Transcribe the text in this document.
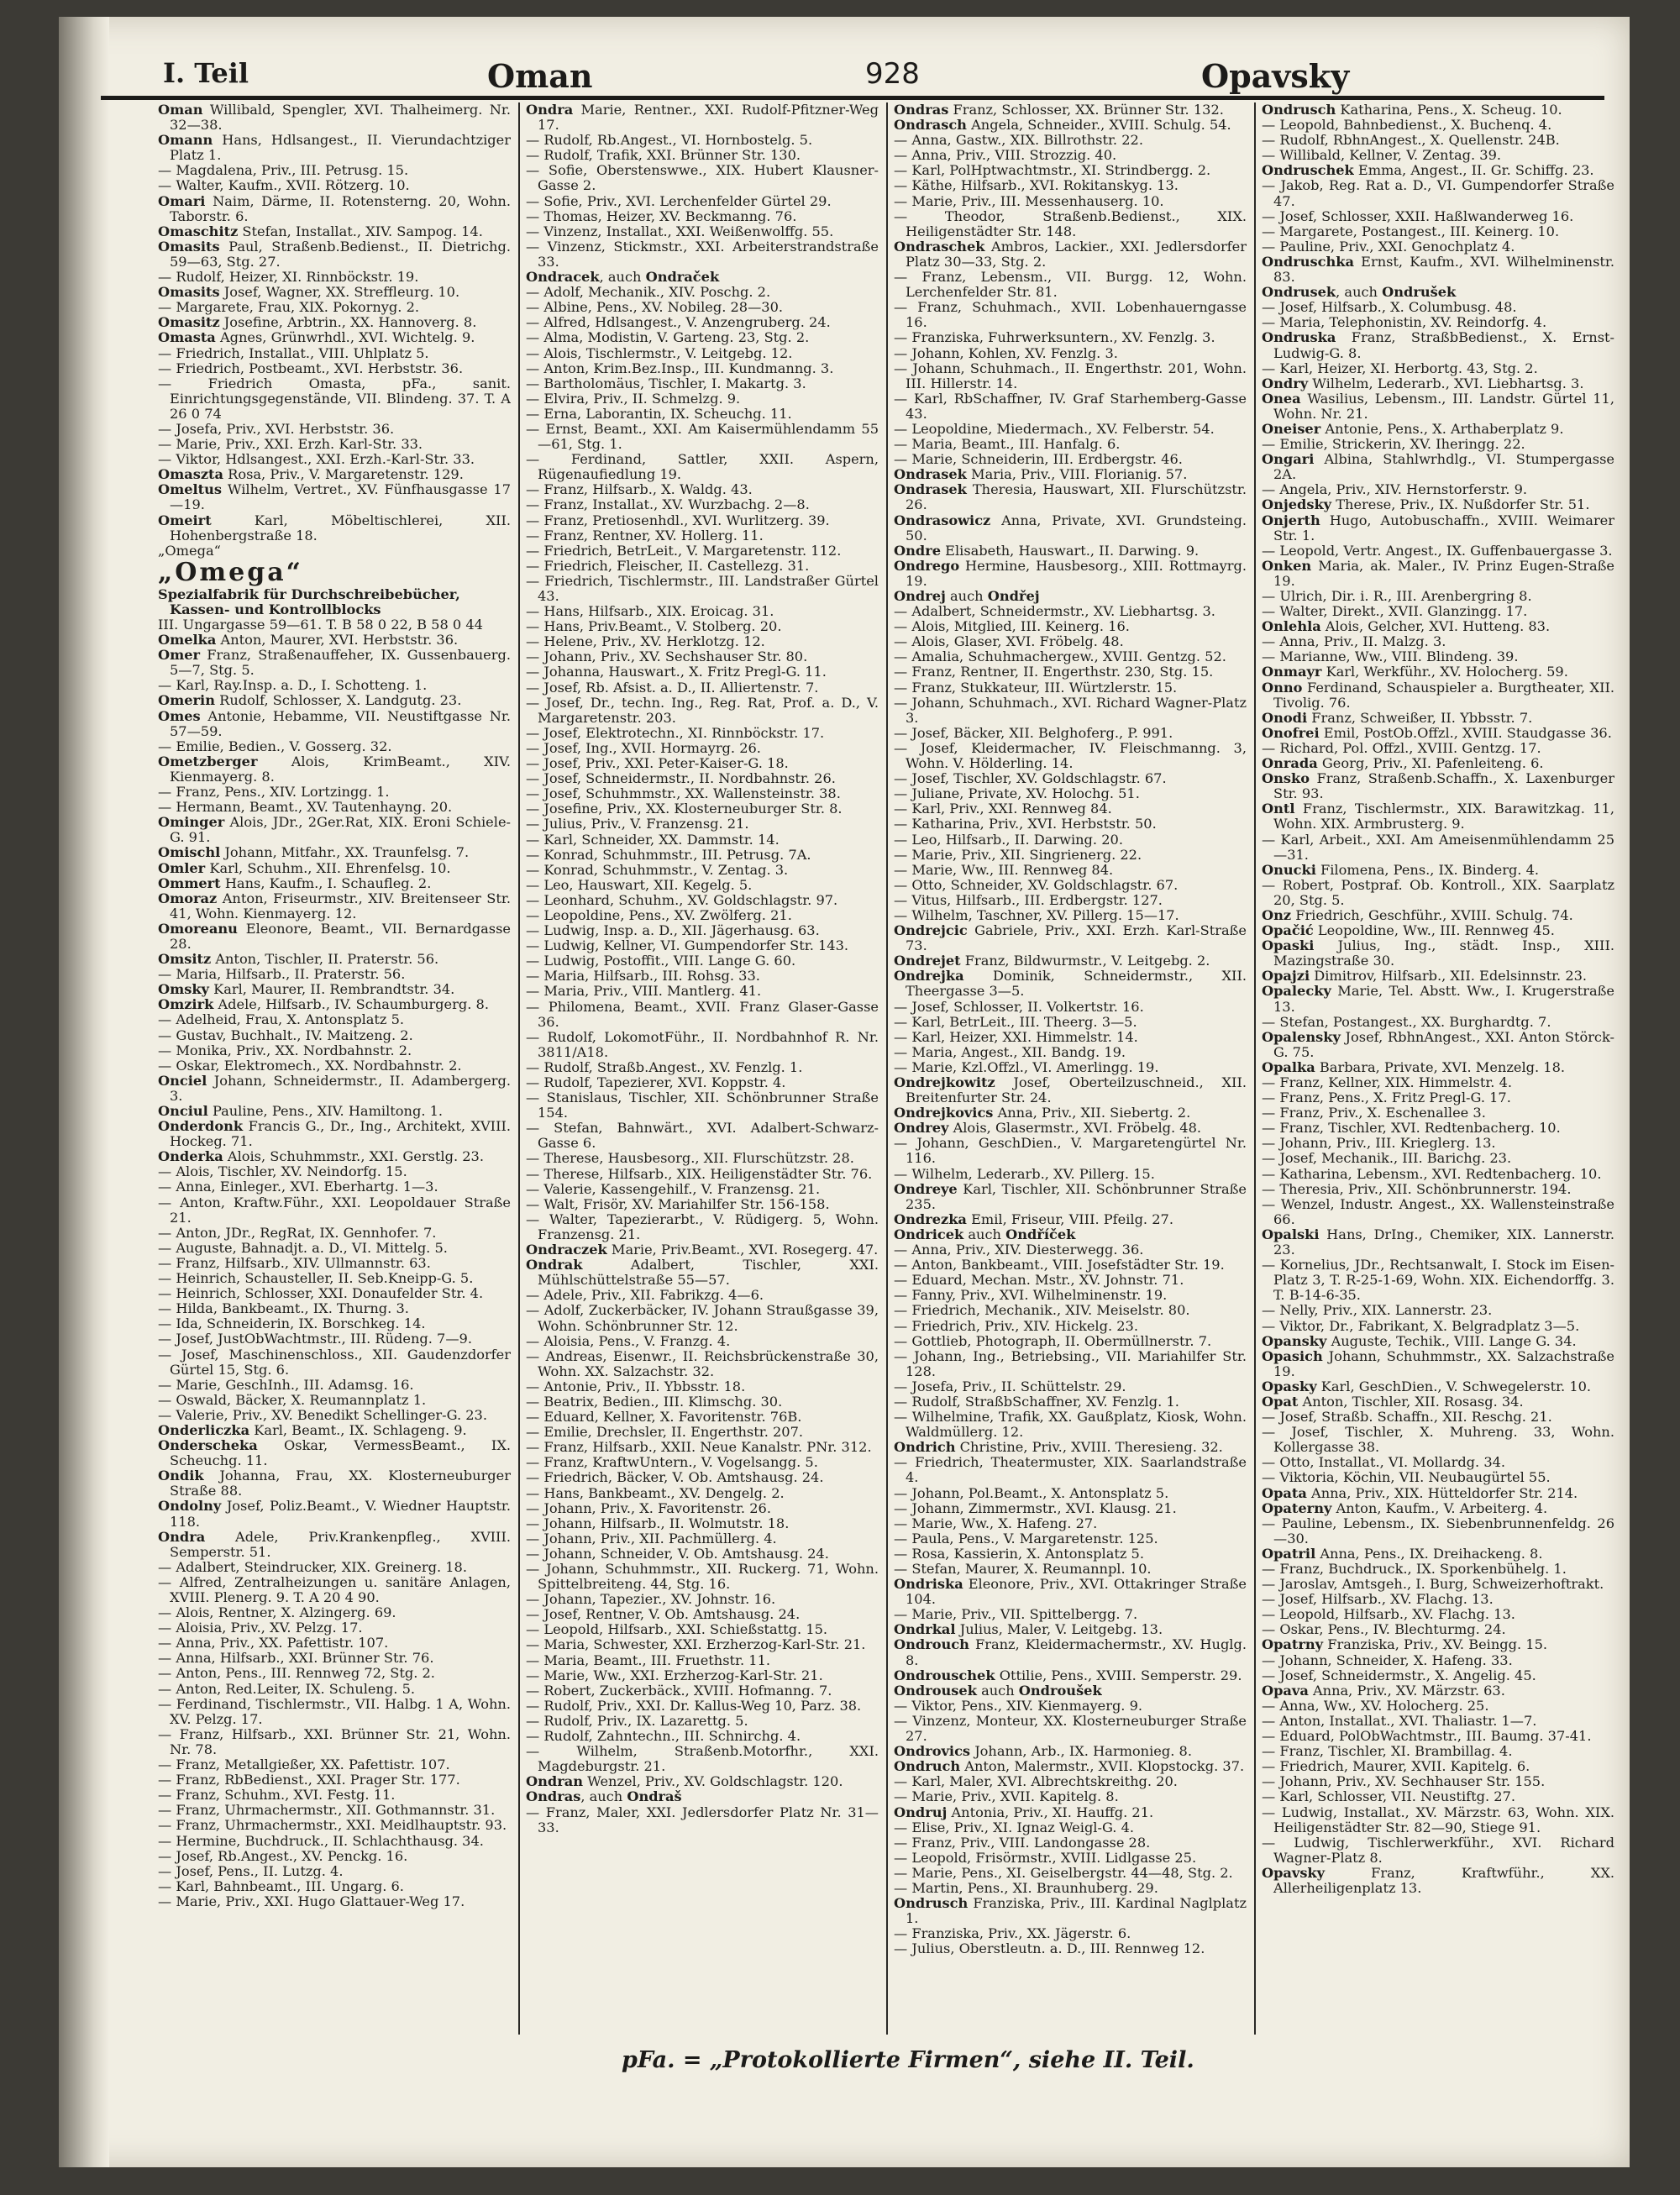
I. Teil	Oman	928	Opavsky

Oman Willibald, Spengler, XVI. Thalheimerg. Nr. 32—38.

Omann Hans, Hdlsangest., II. Vierundachtziger Platz 1.

— Magdalena, Priv., III. Petrusg. 15.

— Walter, Kaufm., XVII. Rötzerg. 10.

Omari Naim, Därme, II. Rotensterng. 20, Wohn. Taborstr. 6.

Omaschitz Stefan, Installat., XIV. Sampog. 14.

Omasits Paul, Straßenb.Bedienst., II. Dietrichg. 59—63, Stg. 27.

— Rudolf, Heizer, XI. Rinnböckstr. 19.

Omasits Josef, Wagner, XX. Streffleurg. 10.

— Margarete, Frau, XIX. Pokornyg. 2.

Omasitz Josefine, Arbtrin., XX. Hannoverg. 8.

Omasta Agnes, Grünwrhdl., XVI. Wichtelg. 9.

— Friedrich, Installat., VIII. Uhlplatz 5.

— Friedrich, Postbeamt., XVI. Herbststr. 36.

— Friedrich Omasta, pFa., sanit. Einrichtungsgegenstände, VII. Blindeng. 37. T. A 26 0 74

— Josefa, Priv., XVI. Herbststr. 36.

— Marie, Priv., XXI. Erzh. Karl-Str. 33.

— Viktor, Hdlsangest., XXI. Erzh.-Karl-Str. 33.

Omaszta Rosa, Priv., V. Margaretenstr. 129.

Omeltus Wilhelm, Vertret., XV. Fünfhausgasse 17—19.

Omeirt Karl, Möbeltischlerei, XII. Hohenbergstraße 18.

„Omega“

„Omega“
Spezialfabrik für Durchschreibebücher, Kassen- und Kontrollblocks
III. Ungargasse 59—61. T. B 58 0 22, B 58 0 44

Omelka Anton, Maurer, XVI. Herbststr. 36.

Omer Franz, Straßenauffeher, IX. Gussenbauerg. 5—7, Stg. 5.

— Karl, Ray.Insp. a. D., I. Schotteng. 1.

Omerin Rudolf, Schlosser, X. Landgutg. 23.

Omes Antonie, Hebamme, VII. Neustiftgasse Nr. 57—59.

— Emilie, Bedien., V. Gosserg. 32.

Ometzberger Alois, KrimBeamt., XIV. Kienmayerg. 8.

— Franz, Pens., XIV. Lortzingg. 1.

— Hermann, Beamt., XV. Tautenhayng. 20.

Ominger Alois, JDr., 2Ger.Rat, XIX. Eroni Schiele-G. 91.

Omischl Johann, Mitfahr., XX. Traunfelsg. 7.

Omler Karl, Schuhm., XII. Ehrenfelsg. 10.

Ommert Hans, Kaufm., I. Schaufleg. 2.

Omoraz Anton, Friseurmstr., XIV. Breitenseer Str. 41, Wohn. Kienmayerg. 12.

Omoreanu Eleonore, Beamt., VII. Bernardgasse 28.

Omsitz Anton, Tischler, II. Praterstr. 56.

— Maria, Hilfsarb., II. Praterstr. 56.

Omsky Karl, Maurer, II. Rembrandtstr. 34.

Omzirk Adele, Hilfsarb., IV. Schaumburgerg. 8.

— Adelheid, Frau, X. Antonsplatz 5.

— Gustav, Buchhalt., IV. Maitzeng. 2.

— Monika, Priv., XX. Nordbahnstr. 2.

— Oskar, Elektromech., XX. Nordbahnstr. 2.

Onciel Johann, Schneidermstr., II. Adambergerg. 3.

Onciul Pauline, Pens., XIV. Hamiltong. 1.

Onderdonk Francis G., Dr., Ing., Architekt, XVIII. Hockeg. 71.

Onderka Alois, Schuhmmstr., XXI. Gerstlg. 23.

— Alois, Tischler, XV. Neindorfg. 15.

— Anna, Einleger., XVI. Eberhartg. 1—3.

— Anton, Kraftw.Führ., XXI. Leopoldauer Straße 21.

— Anton, JDr., RegRat, IX. Gennhofer. 7.

— Auguste, Bahnadjt. a. D., VI. Mittelg. 5.

— Franz, Hilfsarb., XIV. Ullmannstr. 63.

— Heinrich, Schausteller, II. Seb.Kneipp-G. 5.

— Heinrich, Schlosser, XXI. Donaufelder Str. 4.

— Hilda, Bankbeamt., IX. Thurng. 3.

— Ida, Schneiderin, IX. Borschkeg. 14.

— Josef, JustObWachtmstr., III. Rüdeng. 7—9.

— Josef, Maschinenschloss., XII. Gaudenzdorfer Gürtel 15, Stg. 6.

— Marie, GeschInh., III. Adamsg. 16.

— Oswald, Bäcker, X. Reumannplatz 1.

— Valerie, Priv., XV. Benedikt Schellinger-G. 23.

Onderliczka Karl, Beamt., IX. Schlageng. 9.

Onderscheka Oskar, VermessBeamt., IX. Scheuchg. 11.

Ondik Johanna, Frau, XX. Klosterneuburger Straße 88.

Ondolny Josef, Poliz.Beamt., V. Wiedner Hauptstr. 118.

Ondra Adele, Priv.Krankenpfleg., XVIII. Semperstr. 51.

— Adalbert, Steindrucker, XIX. Greinerg. 18.

— Alfred, Zentralheizungen u. sanitäre Anlagen, XVIII. Plenerg. 9. T. A 20 4 90.

— Alois, Rentner, X. Alzingerg. 69.

— Aloisia, Priv., XV. Pelzg. 17.

— Anna, Priv., XX. Pafettistr. 107.

— Anna, Hilfsarb., XXI. Brünner Str. 76.

— Anton, Pens., III. Rennweg 72, Stg. 2.

— Anton, Red.Leiter, IX. Schuleng. 5.

— Ferdinand, Tischlermstr., VII. Halbg. 1 A, Wohn. XV. Pelzg. 17.

— Franz, Hilfsarb., XXI. Brünner Str. 21, Wohn. Nr. 78.

— Franz, Metallgießer, XX. Pafettistr. 107.

— Franz, RbBedienst., XXI. Prager Str. 177.

— Franz, Schuhm., XVI. Festg. 11.

— Franz, Uhrmachermstr., XII. Gothmannstr. 31.

— Franz, Uhrmachermstr., XXI. Meidlhauptstr. 93.

— Hermine, Buchdruck., II. Schlachthausg. 34.

— Josef, Rb.Angest., XV. Penckg. 16.

— Josef, Pens., II. Lutzg. 4.

— Karl, Bahnbeamt., III. Ungarg. 6.

— Marie, Priv., XXI. Hugo Glattauer-Weg 17.

Ondra Marie, Rentner., XXI. Rudolf-Pfitzner-Weg 17.

— Rudolf, Rb.Angest., VI. Hornbostelg. 5.

— Rudolf, Trafik, XXI. Brünner Str. 130.

— Sofie, Oberstenswwe., XIX. Hubert Klausner-Gasse 2.

— Sofie, Priv., XVI. Lerchenfelder Gürtel 29.

— Thomas, Heizer, XV. Beckmanng. 76.

— Vinzenz, Installat., XXI. Weißenwolffg. 55.

— Vinzenz, Stickmstr., XXI. Arbeiterstrandstraße 33.

Ondracek, auch Ondraček

— Adolf, Mechanik., XIV. Poschg. 2.

— Albine, Pens., XV. Nobileg. 28—30.

— Alfred, Hdlsangest., V. Anzengruberg. 24.

— Alma, Modistin, V. Garteng. 23, Stg. 2.

— Alois, Tischlermstr., V. Leitgebg. 12.

— Anton, Krim.Bez.Insp., III. Kundmanng. 3.

— Bartholomäus, Tischler, I. Makartg. 3.

— Elvira, Priv., II. Schmelzg. 9.

— Erna, Laborantin, IX. Scheuchg. 11.

— Ernst, Beamt., XXI. Am Kaisermühlendamm 55—61, Stg. 1.

— Ferdinand, Sattler, XXII. Aspern, Rügenaufiedlung 19.

— Franz, Hilfsarb., X. Waldg. 43.

— Franz, Installat., XV. Wurzbachg. 2—8.

— Franz, Pretiosenhdl., XVI. Wurlitzerg. 39.

— Franz, Rentner, XV. Hollerg. 11.

— Friedrich, BetrLeit., V. Margaretenstr. 112.

— Friedrich, Fleischer, II. Castellezg. 31.

— Friedrich, Tischlermstr., III. Landstraßer Gürtel 43.

— Hans, Hilfsarb., XIX. Eroicag. 31.

— Hans, Priv.Beamt., V. Stolberg. 20.

— Helene, Priv., XV. Herklotzg. 12.

— Johann, Priv., XV. Sechshauser Str. 80.

— Johanna, Hauswart., X. Fritz Pregl-G. 11.

— Josef, Rb. Afsist. a. D., II. Alliertenstr. 7.

— Josef, Dr., techn. Ing., Reg. Rat, Prof. a. D., V. Margaretenstr. 203.

— Josef, Elektrotechn., XI. Rinnböckstr. 17.

— Josef, Ing., XVII. Hormayrg. 26.

— Josef, Priv., XXI. Peter-Kaiser-G. 18.

— Josef, Schneidermstr., II. Nordbahnstr. 26.

— Josef, Schuhmmstr., XX. Wallensteinstr. 38.

— Josefine, Priv., XX. Klosterneuburger Str. 8.

— Julius, Priv., V. Franzensg. 21.

— Karl, Schneider, XX. Dammstr. 14.

— Konrad, Schuhmmstr., III. Petrusg. 7A.

— Konrad, Schuhmmstr., V. Zentag. 3.

— Leo, Hauswart, XII. Kegelg. 5.

— Leonhard, Schuhm., XV. Goldschlagstr. 97.

— Leopoldine, Pens., XV. Zwölferg. 21.

— Ludwig, Insp. a. D., XII. Jägerhausg. 63.

— Ludwig, Kellner, VI. Gumpendorfer Str. 143.

— Ludwig, Postoffit., VIII. Lange G. 60.

— Maria, Hilfsarb., III. Rohsg. 33.

— Maria, Priv., VIII. Mantlerg. 41.

— Philomena, Beamt., XVII. Franz Glaser-Gasse 36.

— Rudolf, LokomotFühr., II. Nordbahnhof R. Nr. 3811/A18.

— Rudolf, Straßb.Angest., XV. Fenzlg. 1.

— Rudolf, Tapezierer, XVI. Koppstr. 4.

— Stanislaus, Tischler, XII. Schönbrunner Straße 154.

— Stefan, Bahnwärt., XVI. Adalbert-Schwarz-Gasse 6.

— Therese, Hausbesorg., XII. Flurschützstr. 28.

— Therese, Hilfsarb., XIX. Heiligenstädter Str. 76.

— Valerie, Kassengehilf., V. Franzensg. 21.

— Walt, Frisör, XV. Mariahilfer Str. 156-158.

— Walter, Tapezierarbt., V. Rüdigerg. 5, Wohn. Franzensg. 21.

Ondraczek Marie, Priv.Beamt., XVI. Rosegerg. 47.

Ondrak Adalbert, Tischler, XXI. Mühlschüttelstraße 55—57.

— Adele, Priv., XII. Fabrikzg. 4—6.

— Adolf, Zuckerbäcker, IV. Johann Straußgasse 39, Wohn. Schönbrunner Str. 12.

— Aloisia, Pens., V. Franzg. 4.

— Andreas, Eisenwr., II. Reichsbrückenstraße 30, Wohn. XX. Salzachstr. 32.

— Antonie, Priv., II. Ybbsstr. 18.

— Beatrix, Bedien., III. Klimschg. 30.

— Eduard, Kellner, X. Favoritenstr. 76B.

— Emilie, Drechsler, II. Engerthstr. 207.

— Franz, Hilfsarb., XXII. Neue Kanalstr. PNr. 312.

— Franz, KraftwUntern., V. Vogelsangg. 5.

— Friedrich, Bäcker, V. Ob. Amtshausg. 24.

— Hans, Bankbeamt., XV. Dengelg. 2.

— Johann, Priv., X. Favoritenstr. 26.

— Johann, Hilfsarb., II. Wolmutstr. 18.

— Johann, Priv., XII. Pachmüllerg. 4.

— Johann, Schneider, V. Ob. Amtshausg. 24.

— Johann, Schuhmmstr., XII. Ruckerg. 71, Wohn. Spittelbreiteng. 44, Stg. 16.

— Johann, Tapezier., XV. Johnstr. 16.

— Josef, Rentner, V. Ob. Amtshausg. 24.

— Leopold, Hilfsarb., XXI. Schießstattg. 15.

— Maria, Schwester, XXI. Erzherzog-Karl-Str. 21.

— Maria, Beamt., III. Fruethstr. 11.

— Marie, Ww., XXI. Erzherzog-Karl-Str. 21.

— Robert, Zuckerbäck., XVIII. Hofmanng. 7.

— Rudolf, Priv., XXI. Dr. Kallus-Weg 10, Parz. 38.

— Rudolf, Priv., IX. Lazarettg. 5.

— Rudolf, Zahntechn., III. Schnirchg. 4.

— Wilhelm, Straßenb.Motorfhr., XXI. Magdeburgstr. 21.

Ondran Wenzel, Priv., XV. Goldschlagstr. 120.

Ondras, auch Ondraš

— Franz, Maler, XXI. Jedlersdorfer Platz Nr. 31—33.

Ondras Franz, Schlosser, XX. Brünner Str. 132.

Ondrasch Angela, Schneider., XVIII. Schulg. 54.

— Anna, Gastw., XIX. Billrothstr. 22.

— Anna, Priv., VIII. Strozzig. 40.

— Karl, PolHptwachtmstr., XI. Strindbergg. 2.

— Käthe, Hilfsarb., XVI. Rokitanskyg. 13.

— Marie, Priv., III. Messenhauserg. 10.

— Theodor, Straßenb.Bedienst., XIX. Heiligenstädter Str. 148.

Ondraschek Ambros, Lackier., XXI. Jedlersdorfer Platz 30—33, Stg. 2.

— Franz, Lebensm., VII. Burgg. 12, Wohn. Lerchenfelder Str. 81.

— Franz, Schuhmach., XVII. Lobenhauerngasse 16.

— Franziska, Fuhrwerksuntern., XV. Fenzlg. 3.

— Johann, Kohlen, XV. Fenzlg. 3.

— Johann, Schuhmach., II. Engerthstr. 201, Wohn. III. Hillerstr. 14.

— Karl, RbSchaffner, IV. Graf Starhemberg-Gasse 43.

— Leopoldine, Miedermach., XV. Felberstr. 54.

— Maria, Beamt., III. Hanfalg. 6.

— Marie, Schneiderin, III. Erdbergstr. 46.

Ondrasek Maria, Priv., VIII. Florianig. 57.

Ondrasek Theresia, Hauswart, XII. Flurschützstr. 26.

Ondrasowicz Anna, Private, XVI. Grundsteing. 50.

Ondre Elisabeth, Hauswart., II. Darwing. 9.

Ondrego Hermine, Hausbesorg., XIII. Rottmayrg. 19.

Ondrej auch Ondřej

— Adalbert, Schneidermstr., XV. Liebhartsg. 3.

— Alois, Mitglied, III. Keinerg. 16.

— Alois, Glaser, XVI. Fröbelg. 48.

— Amalia, Schuhmachergew., XVIII. Gentzg. 52.

— Franz, Rentner, II. Engerthstr. 230, Stg. 15.

— Franz, Stukkateur, III. Würtzlerstr. 15.

— Johann, Schuhmach., XVI. Richard Wagner-Platz 3.

— Josef, Bäcker, XII. Belghoferg., P. 991.

— Josef, Kleidermacher, IV. Fleischmanng. 3, Wohn. V. Hölderling. 14.

— Josef, Tischler, XV. Goldschlagstr. 67.

— Juliane, Private, XV. Holochg. 51.

— Karl, Priv., XXI. Rennweg 84.

— Katharina, Priv., XVI. Herbststr. 50.

— Leo, Hilfsarb., II. Darwing. 20.

— Marie, Priv., XII. Singrienerg. 22.

— Marie, Ww., III. Rennweg 84.

— Otto, Schneider, XV. Goldschlagstr. 67.

— Vitus, Hilfsarb., III. Erdbergstr. 127.

— Wilhelm, Taschner, XV. Pillerg. 15—17.

Ondrejcic Gabriele, Priv., XXI. Erzh. Karl-Straße 73.

Ondrejet Franz, Bildwurmstr., V. Leitgebg. 2.

Ondrejka Dominik, Schneidermstr., XII. Theergasse 3—5.

— Josef, Schlosser, II. Volkertstr. 16.

— Karl, BetrLeit., III. Theerg. 3—5.

— Karl, Heizer, XXI. Himmelstr. 14.

— Maria, Angest., XII. Bandg. 19.

— Marie, Kzl.Offzl., VI. Amerlingg. 19.

Ondrejkowitz Josef, Oberteilzuschneid., XII. Breitenfurter Str. 24.

Ondrejkovics Anna, Priv., XII. Siebertg. 2.

Ondrey Alois, Glasermstr., XVI. Fröbelg. 48.

— Johann, GeschDien., V. Margaretengürtel Nr. 116.

— Wilhelm, Lederarb., XV. Pillerg. 15.

Ondreye Karl, Tischler, XII. Schönbrunner Straße 235.

Ondrezka Emil, Friseur, VIII. Pfeilg. 27.

Ondricek auch Ondříček

— Anna, Priv., XIV. Diesterwegg. 36.

— Anton, Bankbeamt., VIII. Josefstädter Str. 19.

— Eduard, Mechan. Mstr., XV. Johnstr. 71.

— Fanny, Priv., XVI. Wilhelminenstr. 19.

— Friedrich, Mechanik., XIV. Meiselstr. 80.

— Friedrich, Priv., XIV. Hickelg. 23.

— Gottlieb, Photograph, II. Obermüllnerstr. 7.

— Johann, Ing., Betriebsing., VII. Mariahilfer Str. 128.

— Josefa, Priv., II. Schüttelstr. 29.

— Rudolf, StraßbSchaffner, XV. Fenzlg. 1.

— Wilhelmine, Trafik, XX. Gaußplatz, Kiosk, Wohn. Waldmüllerg. 12.

Ondrich Christine, Priv., XVIII. Theresieng. 32.

— Friedrich, Theatermuster, XIX. Saarlandstraße 4.

— Johann, Pol.Beamt., X. Antonsplatz 5.

— Johann, Zimmermstr., XVI. Klausg. 21.

— Marie, Ww., X. Hafeng. 27.

— Paula, Pens., V. Margaretenstr. 125.

— Rosa, Kassierin, X. Antonsplatz 5.

— Stefan, Maurer, X. Reumannpl. 10.

Ondriska Eleonore, Priv., XVI. Ottakringer Straße 104.

— Marie, Priv., VII. Spittelbergg. 7.

Ondrkal Julius, Maler, V. Leitgebg. 13.

Ondrouch Franz, Kleidermachermstr., XV. Huglg. 8.

Ondrouschek Ottilie, Pens., XVIII. Semperstr. 29.

Ondrousek auch Ondroušek

— Viktor, Pens., XIV. Kienmayerg. 9.

— Vinzenz, Monteur, XX. Klosterneuburger Straße 27.

Ondrovics Johann, Arb., IX. Harmonieg. 8.

Ondruch Anton, Malermstr., XVII. Klopstockg. 37.

— Karl, Maler, XVI. Albrechtskreithg. 20.

— Marie, Priv., XVII. Kapitelg. 8.

Ondruj Antonia, Priv., XI. Hauffg. 21.

— Elise, Priv., XI. Ignaz Weigl-G. 4.

— Franz, Priv., VIII. Landongasse 28.

— Leopold, Frisörmstr., XVIII. Lidlgasse 25.

— Marie, Pens., XI. Geiselbergstr. 44—48, Stg. 2.

— Martin, Pens., XI. Braunhuberg. 29.

Ondrusch Franziska, Priv., III. Kardinal Naglplatz 1.

— Franziska, Priv., XX. Jägerstr. 6.

— Julius, Oberstleutn. a. D., III. Rennweg 12.

Ondrusch Katharina, Pens., X. Scheug. 10.

— Leopold, Bahnbedienst., X. Buchenq. 4.

— Rudolf, RbhnAngest., X. Quellenstr. 24B.

— Willibald, Kellner, V. Zentag. 39.

Ondruschek Emma, Angest., II. Gr. Schiffg. 23.

— Jakob, Reg. Rat a. D., VI. Gumpendorfer Straße 47.

— Josef, Schlosser, XXII. Haßlwanderweg 16.

— Margarete, Postangest., III. Keinerg. 10.

— Pauline, Priv., XXI. Genochplatz 4.

Ondruschka Ernst, Kaufm., XVI. Wilhelminenstr. 83.

Ondrusek, auch Ondrušek

— Josef, Hilfsarb., X. Columbusg. 48.

— Maria, Telephonistin, XV. Reindorfg. 4.

Ondruska Franz, StraßbBedienst., X. Ernst-Ludwig-G. 8.

— Karl, Heizer, XI. Herbortg. 43, Stg. 2.

Ondry Wilhelm, Lederarb., XVI. Liebhartsg. 3.

Onea Wasilius, Lebensm., III. Landstr. Gürtel 11, Wohn. Nr. 21.

Oneiser Antonie, Pens., X. Arthaberplatz 9.

— Emilie, Strickerin, XV. Iheringg. 22.

Ongari Albina, Stahlwrhdlg., VI. Stumpergasse 2A.

— Angela, Priv., XIV. Hernstorferstr. 9.

Onjedsky Therese, Priv., IX. Nußdorfer Str. 51.

Onjerth Hugo, Autobuschaffn., XVIII. Weimarer Str. 1.

— Leopold, Vertr. Angest., IX. Guffenbauergasse 3.

Onken Maria, ak. Maler., IV. Prinz Eugen-Straße 19.

— Ulrich, Dir. i. R., III. Arenbergring 8.

— Walter, Direkt., XVII. Glanzingg. 17.

Onlehla Alois, Gelcher, XVI. Hutteng. 83.

— Anna, Priv., II. Malzg. 3.

— Marianne, Ww., VIII. Blindeng. 39.

Onmayr Karl, Werkführ., XV. Holocherg. 59.

Onno Ferdinand, Schauspieler a. Burgtheater, XII. Tivolig. 76.

Onodi Franz, Schweißer, II. Ybbsstr. 7.

Onofrei Emil, PostOb.Offzl., XVIII. Staudgasse 36.

— Richard, Pol. Offzl., XVIII. Gentzg. 17.

Onrada Georg, Priv., XI. Pafenleiteng. 6.

Onsko Franz, Straßenb.Schaffn., X. Laxenburger Str. 93.

Ontl Franz, Tischlermstr., XIX. Barawitzkag. 11, Wohn. XIX. Armbrusterg. 9.

— Karl, Arbeit., XXI. Am Ameisenmühlendamm 25—31.

Onucki Filomena, Pens., IX. Binderg. 4.

— Robert, Postpraf. Ob. Kontroll., XIX. Saarplatz 20, Stg. 5.

Onz Friedrich, Geschführ., XVIII. Schulg. 74.

Opačić Leopoldine, Ww., III. Rennweg 45.

Opaski Julius, Ing., städt. Insp., XIII. Mazingstraße 30.

Opajzi Dimitrov, Hilfsarb., XII. Edelsinnstr. 23.

Opalecky Marie, Tel. Abstt. Ww., I. Krugerstraße 13.

— Stefan, Postangest., XX. Burghardtg. 7.

Opalensky Josef, RbhnAngest., XXI. Anton Störck-G. 75.

Opalka Barbara, Private, XVI. Menzelg. 18.

— Franz, Kellner, XIX. Himmelstr. 4.

— Franz, Pens., X. Fritz Pregl-G. 17.

— Franz, Priv., X. Eschenallee 3.

— Franz, Tischler, XVI. Redtenbacherg. 10.

— Johann, Priv., III. Krieglerg. 13.

— Josef, Mechanik., III. Barichg. 23.

— Katharina, Lebensm., XVI. Redtenbacherg. 10.

— Theresia, Priv., XII. Schönbrunnerstr. 194.

— Wenzel, Industr. Angest., XX. Wallensteinstraße 66.

Opalski Hans, DrIng., Chemiker, XIX. Lannerstr. 23.

— Kornelius, JDr., Rechtsanwalt, I. Stock im Eisen-Platz 3, T. R-25-1-69, Wohn. XIX. Eichendorffg. 3. T. B-14-6-35.

— Nelly, Priv., XIX. Lannerstr. 23.

— Viktor, Dr., Fabrikant, X. Belgradplatz 3—5.

Opansky Auguste, Techik., VIII. Lange G. 34.

Opasich Johann, Schuhmmstr., XX. Salzachstraße 19.

Opasky Karl, GeschDien., V. Schwegelerstr. 10.

Opat Anton, Tischler, XII. Rosasg. 34.

— Josef, Straßb. Schaffn., XII. Reschg. 21.

— Josef, Tischler, X. Muhreng. 33, Wohn. Kollergasse 38.

— Otto, Installat., VI. Mollardg. 34.

— Viktoria, Köchin, VII. Neubaugürtel 55.

Opata Anna, Priv., XIX. Hütteldorfer Str. 214.

Opaterny Anton, Kaufm., V. Arbeiterg. 4.

— Pauline, Lebensm., IX. Siebenbrunnenfeldg. 26—30.

Opatril Anna, Pens., IX. Dreihackeng. 8.

— Franz, Buchdruck., IX. Sporkenbühelg. 1.

— Jaroslav, Amtsgeh., I. Burg, Schweizerhoftrakt.

— Josef, Hilfsarb., XV. Flachg. 13.

— Leopold, Hilfsarb., XV. Flachg. 13.

— Oskar, Pens., IV. Blechturmg. 24.

Opatrny Franziska, Priv., XV. Beingg. 15.

— Johann, Schneider, X. Hafeng. 33.

— Josef, Schneidermstr., X. Angelig. 45.

Opava Anna, Priv., XV. Märzstr. 63.

— Anna, Ww., XV. Holocherg. 25.

— Anton, Installat., XVI. Thaliastr. 1—7.

— Eduard, PolObWachtmstr., III. Baumg. 37-41.

— Franz, Tischler, XI. Brambillag. 4.

— Friedrich, Maurer, XVII. Kapitelg. 6.

— Johann, Priv., XV. Sechhauser Str. 155.

— Karl, Schlosser, VII. Neustiftg. 27.

— Ludwig, Installat., XV. Märzstr. 63, Wohn. XIX. Heiligenstädter Str. 82—90, Stiege 91.

— Ludwig, Tischlerwerkführ., XVI. Richard Wagner-Platz 8.

Opavsky Franz, Kraftwführ., XX. Allerheiligenplatz 13.

pFa. = „Protokollierte Firmen“, siehe II. Teil.
